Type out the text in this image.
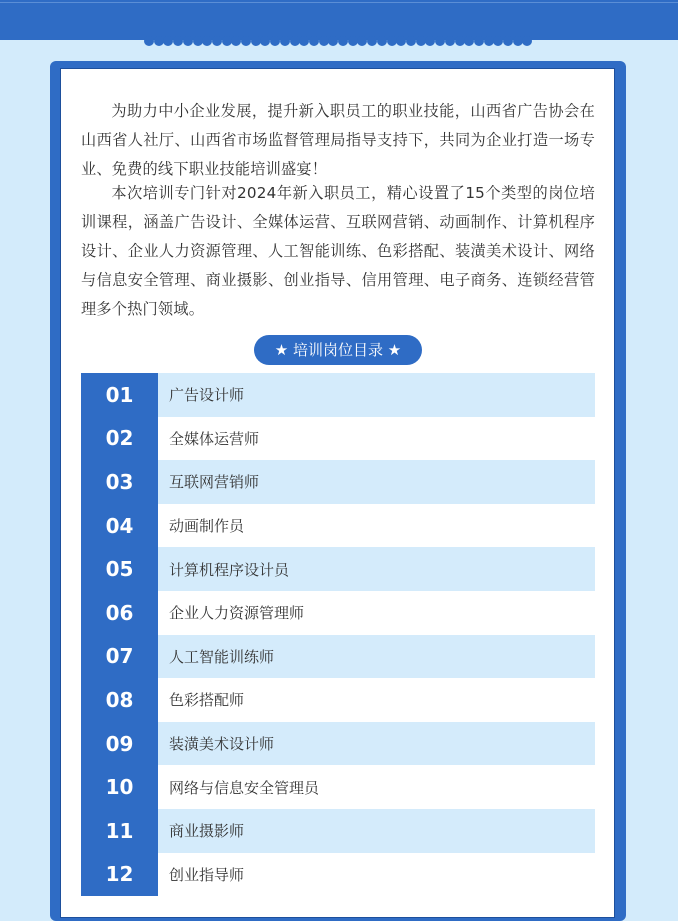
为助力中小企业发展，提升新入职员工的职业技能，山西省广告协会在山西省人社厅、山西省市场监督管理局指导支持下，共同为企业打造一场专业、免费的线下职业技能培训盛宴！

本次培训专门针对2024年新入职员工，精心设置了15个类型的岗位培训课程，涵盖广告设计、全媒体运营、互联网营销、动画制作、计算机程序设计、企业人力资源管理、人工智能训练、色彩搭配、装潢美术设计、网络与信息安全管理、商业摄影、创业指导、信用管理、电子商务、连锁经营管理多个热门领域。

★ 培训岗位目录 ★
01	广告设计师
02	全媒体运营师
03	互联网营销师
04	动画制作员
05	计算机程序设计员
06	企业人力资源管理师
07	人工智能训练师
08	色彩搭配师
09	装潢美术设计师
10	网络与信息安全管理员
11	商业摄影师
12	创业指导师
